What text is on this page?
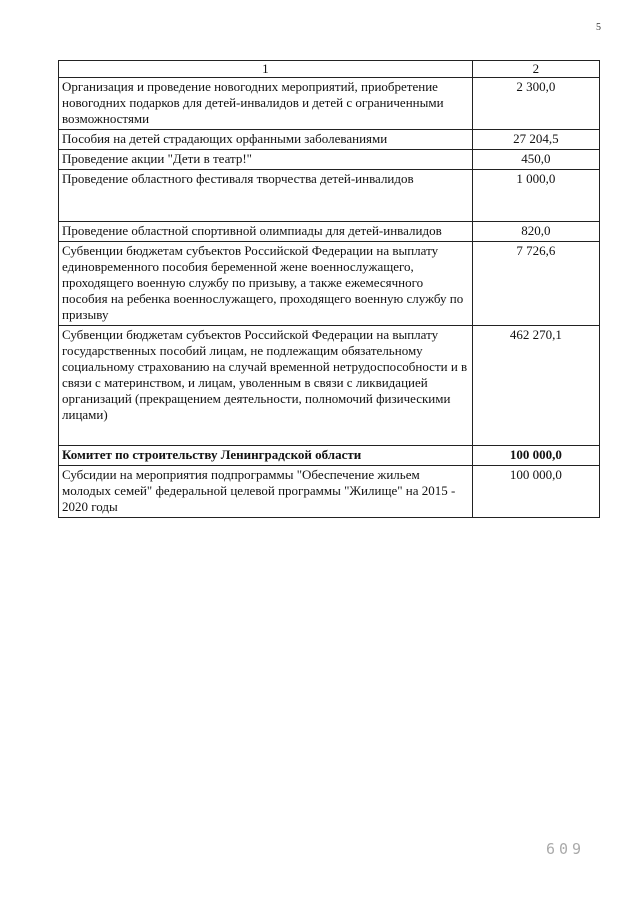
5
1	2
Организация и проведение новогодних мероприятий, приобретение новогодних подарков для детей-инвалидов и детей с ограниченными возможностями	2 300,0
Пособия на детей страдающих орфанными заболеваниями	27 204,5
Проведение акции "Дети в театр!"	450,0
Проведение областного фестиваля творчества детей-инвалидов	1 000,0
Проведение областной спортивной олимпиады для детей-инвалидов	820,0
Субвенции бюджетам субъектов Российской Федерации на выплату единовременного пособия беременной жене военнослужащего, проходящего военную службу по призыву, а также ежемесячного пособия на ребенка военнослужащего, проходящего военную службу по призыву	7 726,6
Субвенции бюджетам субъектов Российской Федерации на выплату государственных пособий лицам, не подлежащим обязательному социальному страхованию на случай временной нетрудоспособности и в связи с материнством, и лицам, уволенным в связи с ликвидацией организаций (прекращением деятельности, полномочий физическими лицами)	462 270,1
Комитет по строительству Ленинградской области	100 000,0
Субсидии на мероприятия подпрограммы "Обеспечение жильем молодых семей" федеральной целевой программы "Жилище" на 2015 - 2020 годы	100 000,0
609
